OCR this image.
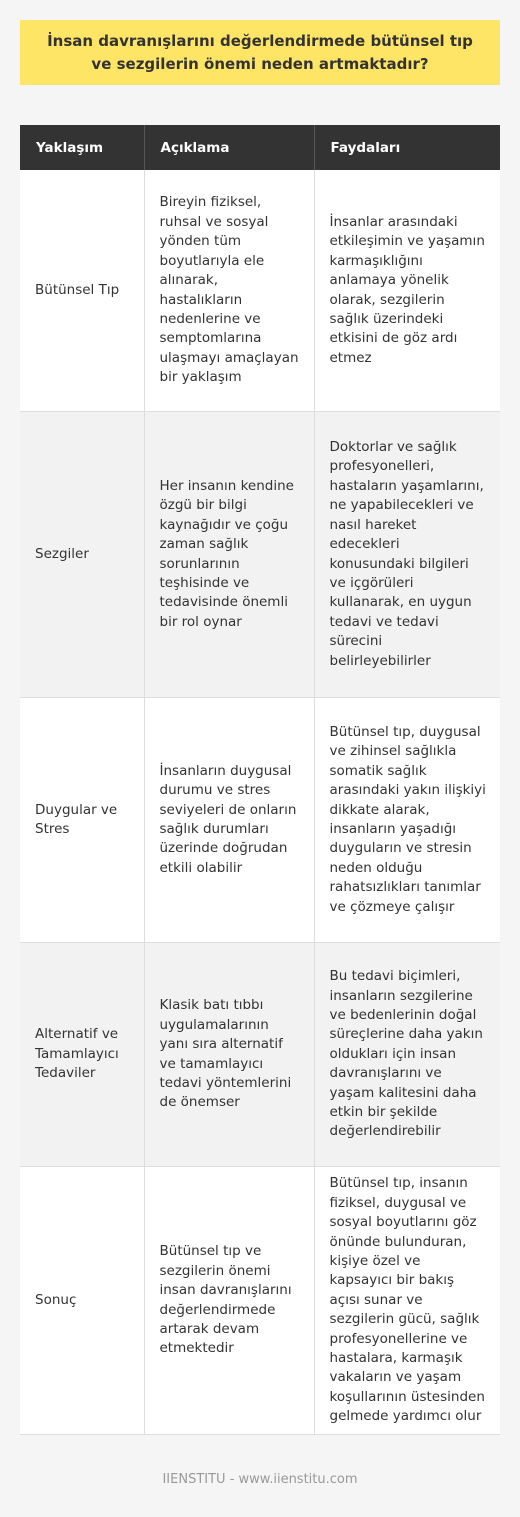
İnsan davranışlarını değerlendirmede bütünsel tıp ve sezgilerin önemi neden artmaktadır?
Yaklaşım	Açıklama	Faydaları
Bütünsel Tıp	Bireyin fiziksel, ruhsal ve sosyal yönden tüm boyutlarıyla ele alınarak, hastalıkların nedenlerine ve semptomlarına ulaşmayı amaçlayan bir yaklaşım	İnsanlar arasındaki etkileşimin ve yaşamın karmaşıklığını anlamaya yönelik olarak, sezgilerin sağlık üzerindeki etkisini de göz ardı etmez
Sezgiler	Her insanın kendine özgü bir bilgi kaynağıdır ve çoğu zaman sağlık sorunlarının teşhisinde ve tedavisinde önemli bir rol oynar	Doktorlar ve sağlık profesyonelleri, hastaların yaşamlarını, ne yapabilecekleri ve nasıl hareket edecekleri konusundaki bilgileri ve içgörüleri kullanarak, en uygun tedavi ve tedavi sürecini belirleyebilirler
Duygular ve Stres	İnsanların duygusal durumu ve stres seviyeleri de onların sağlık durumları üzerinde doğrudan etkili olabilir	Bütünsel tıp, duygusal ve zihinsel sağlıkla somatik sağlık arasındaki yakın ilişkiyi dikkate alarak, insanların yaşadığı duyguların ve stresin neden olduğu rahatsızlıkları tanımlar ve çözmeye çalışır
Alternatif ve Tamamlayıcı Tedaviler	Klasik batı tıbbı uygulamalarının yanı sıra alternatif ve tamamlayıcı tedavi yöntemlerini de önemser	Bu tedavi biçimleri, insanların sezgilerine ve bedenlerinin doğal süreçlerine daha yakın oldukları için insan davranışlarını ve yaşam kalitesini daha etkin bir şekilde değerlendirebilir
Sonuç	Bütünsel tıp ve sezgilerin önemi insan davranışlarını değerlendirmede artarak devam etmektedir	Bütünsel tıp, insanın fiziksel, duygusal ve sosyal boyutlarını göz önünde bulunduran, kişiye özel ve kapsayıcı bir bakış açısı sunar ve sezgilerin gücü, sağlık profesyonellerine ve hastalara, karmaşık vakaların ve yaşam koşullarının üstesinden gelmede yardımcı olur
IIENSTITU - www.iienstitu.com
